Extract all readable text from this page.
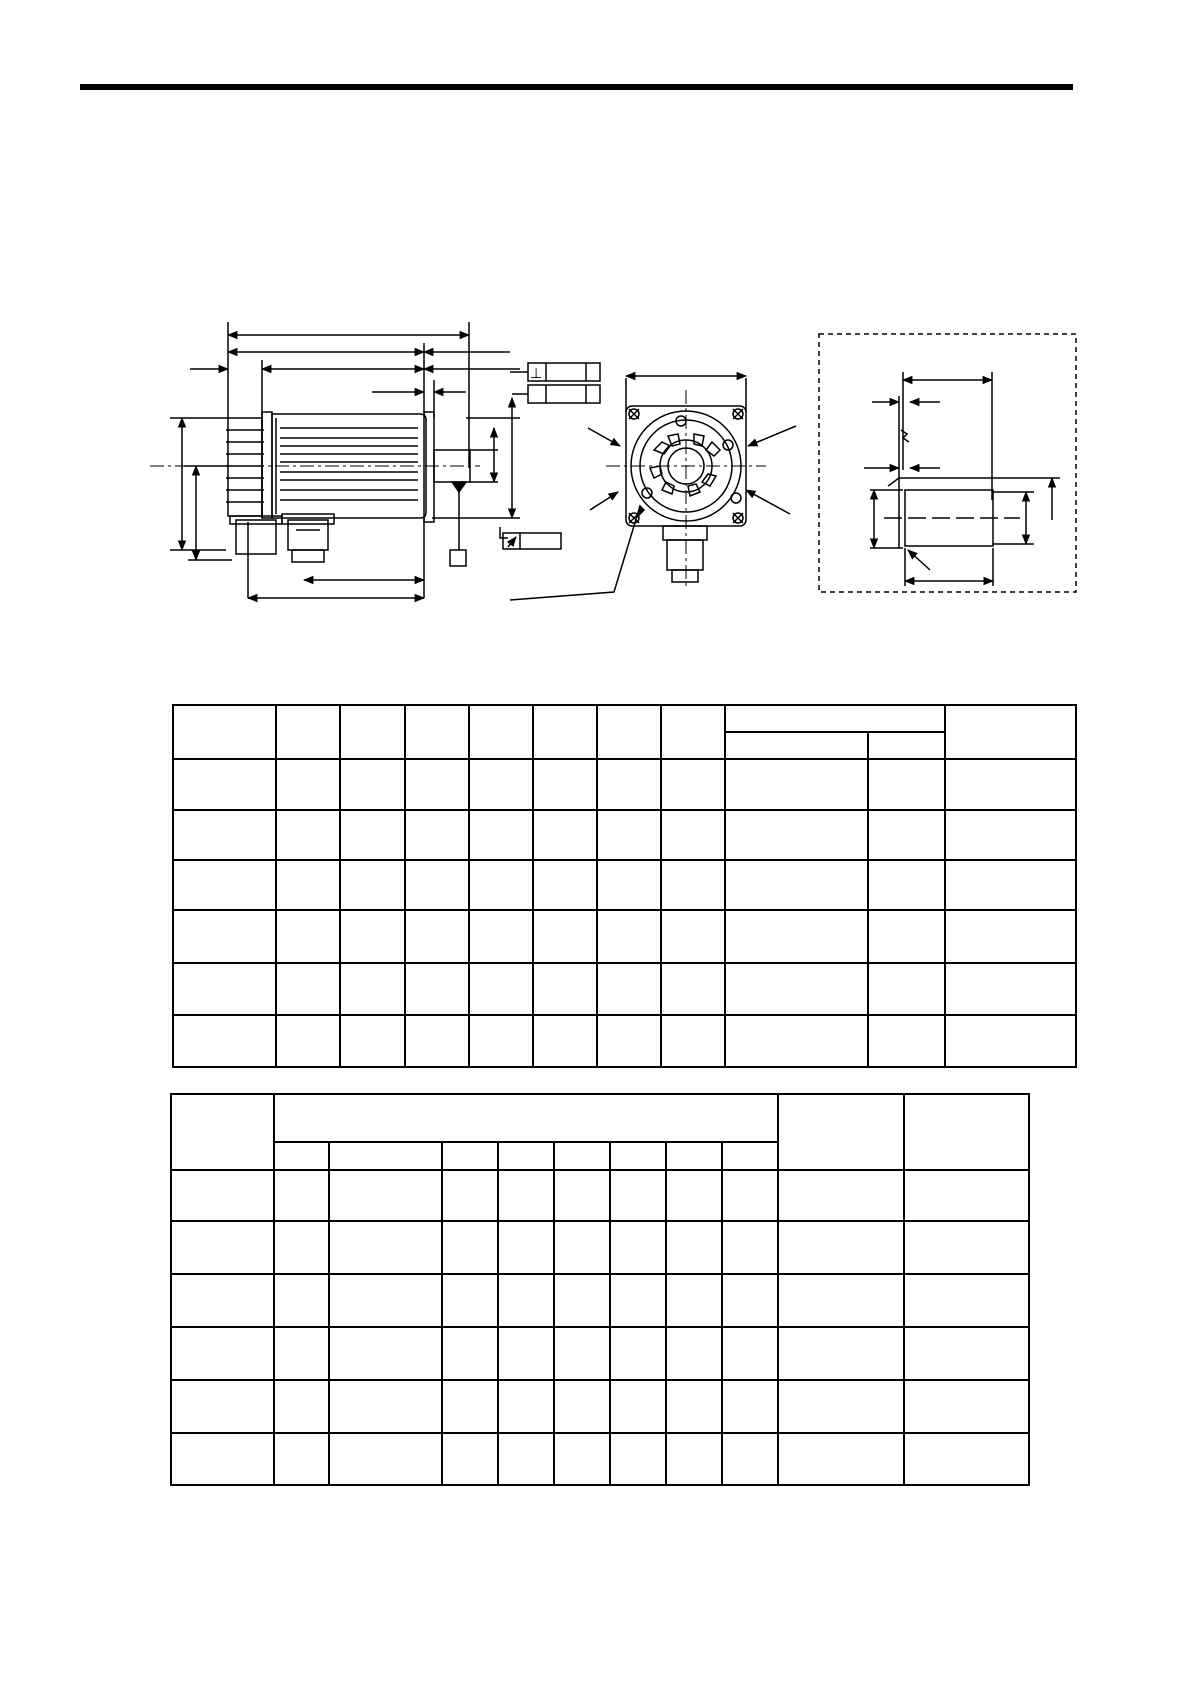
⊥
